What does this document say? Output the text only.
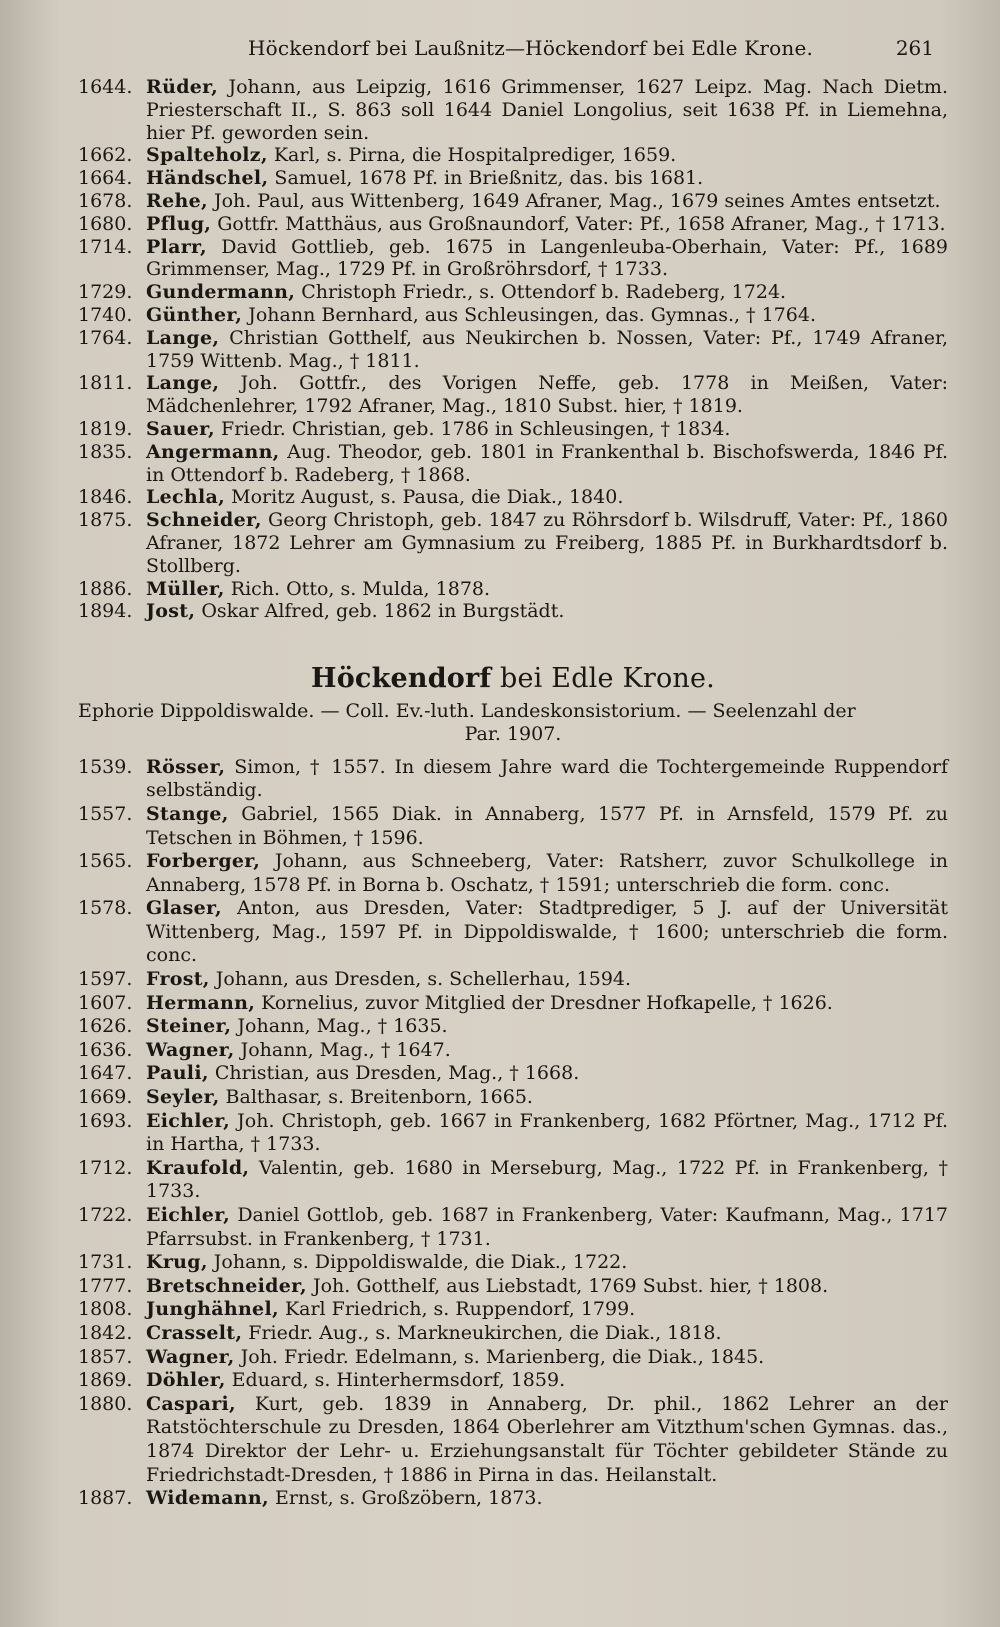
Höckendorf bei Laußnitz—Höckendorf bei Edle Krone.	261
1644. Rüder, Johann, aus Leipzig, 1616 Grimmenser, 1627 Leipz. Mag. Nach Dietm. Priesterschaft II., S. 863 soll 1644 Daniel Longolius, seit 1638 Pf. in Liemehna, hier Pf. geworden sein.
1662. Spalteholz, Karl, s. Pirna, die Hospitalprediger, 1659.
1664. Händschel, Samuel, 1678 Pf. in Brießnitz, das. bis 1681.
1678. Rehe, Joh. Paul, aus Wittenberg, 1649 Afraner, Mag., 1679 seines Amtes entsetzt.
1680. Pflug, Gottfr. Matthäus, aus Großnaundorf, Vater: Pf., 1658 Afraner, Mag., † 1713.
1714. Plarr, David Gottlieb, geb. 1675 in Langenleuba-Oberhain, Vater: Pf., 1689 Grimmenser, Mag., 1729 Pf. in Großröhrsdorf, † 1733.
1729. Gundermann, Christoph Friedr., s. Ottendorf b. Radeberg, 1724.
1740. Günther, Johann Bernhard, aus Schleusingen, das. Gymnas., † 1764.
1764. Lange, Christian Gotthelf, aus Neukirchen b. Nossen, Vater: Pf., 1749 Afraner, 1759 Wittenb. Mag., † 1811.
1811. Lange, Joh. Gottfr., des Vorigen Neffe, geb. 1778 in Meißen, Vater: Mädchenlehrer, 1792 Afraner, Mag., 1810 Subst. hier, † 1819.
1819. Sauer, Friedr. Christian, geb. 1786 in Schleusingen, † 1834.
1835. Angermann, Aug. Theodor, geb. 1801 in Frankenthal b. Bischofswerda, 1846 Pf. in Ottendorf b. Radeberg, † 1868.
1846. Lechla, Moritz August, s. Pausa, die Diak., 1840.
1875. Schneider, Georg Christoph, geb. 1847 zu Röhrsdorf b. Wilsdruff, Vater: Pf., 1860 Afraner, 1872 Lehrer am Gymnasium zu Freiberg, 1885 Pf. in Burkhardtsdorf b. Stollberg.
1886. Müller, Rich. Otto, s. Mulda, 1878.
1894. Jost, Oskar Alfred, geb. 1862 in Burgstädt.
Höckendorf bei Edle Krone.
Ephorie Dippoldiswalde. — Coll. Ev.-luth. Landeskonsistorium. — Seelenzahl der
Par. 1907.
1539. Rösser, Simon, † 1557. In diesem Jahre ward die Tochtergemeinde Ruppendorf selbständig.
1557. Stange, Gabriel, 1565 Diak. in Annaberg, 1577 Pf. in Arnsfeld, 1579 Pf. zu Tetschen in Böhmen, † 1596.
1565. Forberger, Johann, aus Schneeberg, Vater: Ratsherr, zuvor Schulkollege in Annaberg, 1578 Pf. in Borna b. Oschatz, † 1591; unterschrieb die form. conc.
1578. Glaser, Anton, aus Dresden, Vater: Stadtprediger, 5 J. auf der Universität Wittenberg, Mag., 1597 Pf. in Dippoldiswalde, † 1600; unterschrieb die form. conc.
1597. Frost, Johann, aus Dresden, s. Schellerhau, 1594.
1607. Hermann, Kornelius, zuvor Mitglied der Dresdner Hofkapelle, † 1626.
1626. Steiner, Johann, Mag., † 1635.
1636. Wagner, Johann, Mag., † 1647.
1647. Pauli, Christian, aus Dresden, Mag., † 1668.
1669. Seyler, Balthasar, s. Breitenborn, 1665.
1693. Eichler, Joh. Christoph, geb. 1667 in Frankenberg, 1682 Pförtner, Mag., 1712 Pf. in Hartha, † 1733.
1712. Kraufold, Valentin, geb. 1680 in Merseburg, Mag., 1722 Pf. in Frankenberg, † 1733.
1722. Eichler, Daniel Gottlob, geb. 1687 in Frankenberg, Vater: Kaufmann, Mag., 1717 Pfarrsubst. in Frankenberg, † 1731.
1731. Krug, Johann, s. Dippoldiswalde, die Diak., 1722.
1777. Bretschneider, Joh. Gotthelf, aus Liebstadt, 1769 Subst. hier, † 1808.
1808. Junghähnel, Karl Friedrich, s. Ruppendorf, 1799.
1842. Crasselt, Friedr. Aug., s. Markneukirchen, die Diak., 1818.
1857. Wagner, Joh. Friedr. Edelmann, s. Marienberg, die Diak., 1845.
1869. Döhler, Eduard, s. Hinterhermsdorf, 1859.
1880. Caspari, Kurt, geb. 1839 in Annaberg, Dr. phil., 1862 Lehrer an der Ratstöchterschule zu Dresden, 1864 Oberlehrer am Vitzthum'schen Gymnas. das., 1874 Direktor der Lehr- u. Erziehungsanstalt für Töchter gebildeter Stände zu Friedrichstadt-Dresden, † 1886 in Pirna in das. Heilanstalt.
1887. Widemann, Ernst, s. Großzöbern, 1873.
